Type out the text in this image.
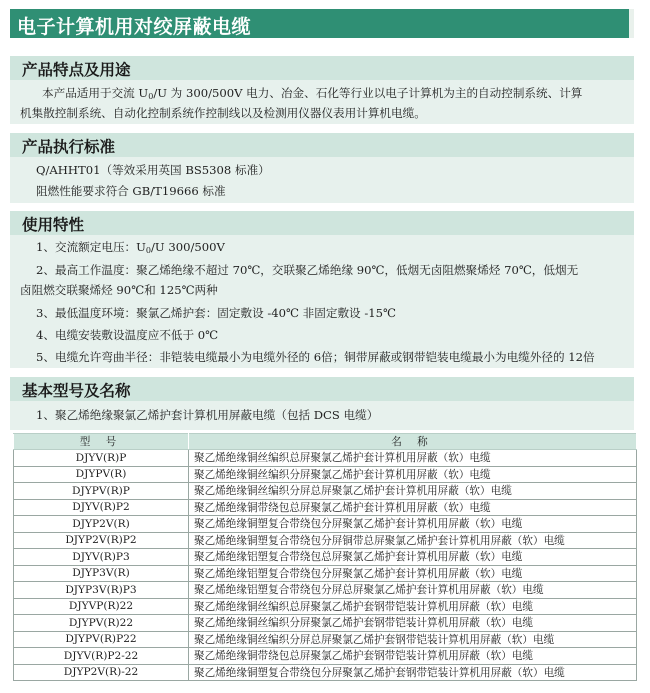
电子计算机用对绞屏蔽电缆
产品特点及用途
本产品适用于交流 $U_0/U$ 为 300/500V 电力、冶金、石化等行业以电子计算机为主的自动控制系统、计算
机集散控制系统、自动化控制系统作控制线以及检测用仪器仪表用计算机电缆。
产品执行标准
Q/AHHT01（等效采用英国 BS5308 标准）
阻燃性能要求符合 GB/T19666 标准
使用特性
1、交流额定电压：$U_0/U$ 300/500V
2、最高工作温度：聚乙烯绝缘不超过 70℃，交联聚乙烯绝缘 90℃，低烟无卤阻燃聚烯烃 70℃，低烟无
卤阻燃交联聚烯烃 90℃和 125℃两种
3、最低温度环境：聚氯乙烯护套：固定敷设 -40℃ 非固定敷设 -15℃
4、电缆安装敷设温度应不低于 0℃
5、电缆允许弯曲半径：非铠装电缆最小为电缆外径的 6倍；铜带屏蔽或钢带铠装电缆最小为电缆外径的 12倍
基本型号及名称
1、聚乙烯绝缘聚氯乙烯护套计算机用屏蔽电缆（包括 DCS 电缆）
型 号	名 称
DJYV(R)P	聚乙烯绝缘铜丝编织总屏聚氯乙烯护套计算机用屏蔽（软）电缆
DJYPV(R)	聚乙烯绝缘铜丝编织分屏聚氯乙烯护套计算机用屏蔽（软）电缆
DJYPV(R)P	聚乙烯绝缘铜丝编织分屏总屏聚氯乙烯护套计算机用屏蔽（软）电缆
DJYV(R)P2	聚乙烯绝缘铜带绕包总屏聚氯乙烯护套计算机用屏蔽（软）电缆
DJYP2V(R)	聚乙烯绝缘铜塑复合带绕包分屏聚氯乙烯护套计算机用屏蔽（软）电缆
DJYP2V(R)P2	聚乙烯绝缘铜塑复合带绕包分屏铜带总屏聚氯乙烯护套计算机用屏蔽（软）电缆
DJYV(R)P3	聚乙烯绝缘铝塑复合带绕包总屏聚氯乙烯护套计算机用屏蔽（软）电缆
DJYP3V(R)	聚乙烯绝缘铝塑复合带绕包分屏聚氯乙烯护套计算机用屏蔽（软）电缆
DJYP3V(R)P3	聚乙烯绝缘铝塑复合带绕包分屏总屏聚氯乙烯护套计算机用屏蔽（软）电缆
DJYVP(R)22	聚乙烯绝缘铜丝编织总屏聚氯乙烯护套钢带铠装计算机用屏蔽（软）电缆
DJYPV(R)22	聚乙烯绝缘铜丝编织分屏聚氯乙烯护套钢带铠装计算机用屏蔽（软）电缆
DJYPV(R)P22	聚乙烯绝缘铜丝编织分屏总屏聚氯乙烯护套钢带铠装计算机用屏蔽（软）电缆
DJYV(R)P2-22	聚乙烯绝缘铜带绕包总屏聚氯乙烯护套钢带铠装计算机用屏蔽（软）电缆
DJYP2V(R)-22	聚乙烯绝缘铜塑复合带绕包分屏聚氯乙烯护套钢带铠装计算机用屏蔽（软）电缆
